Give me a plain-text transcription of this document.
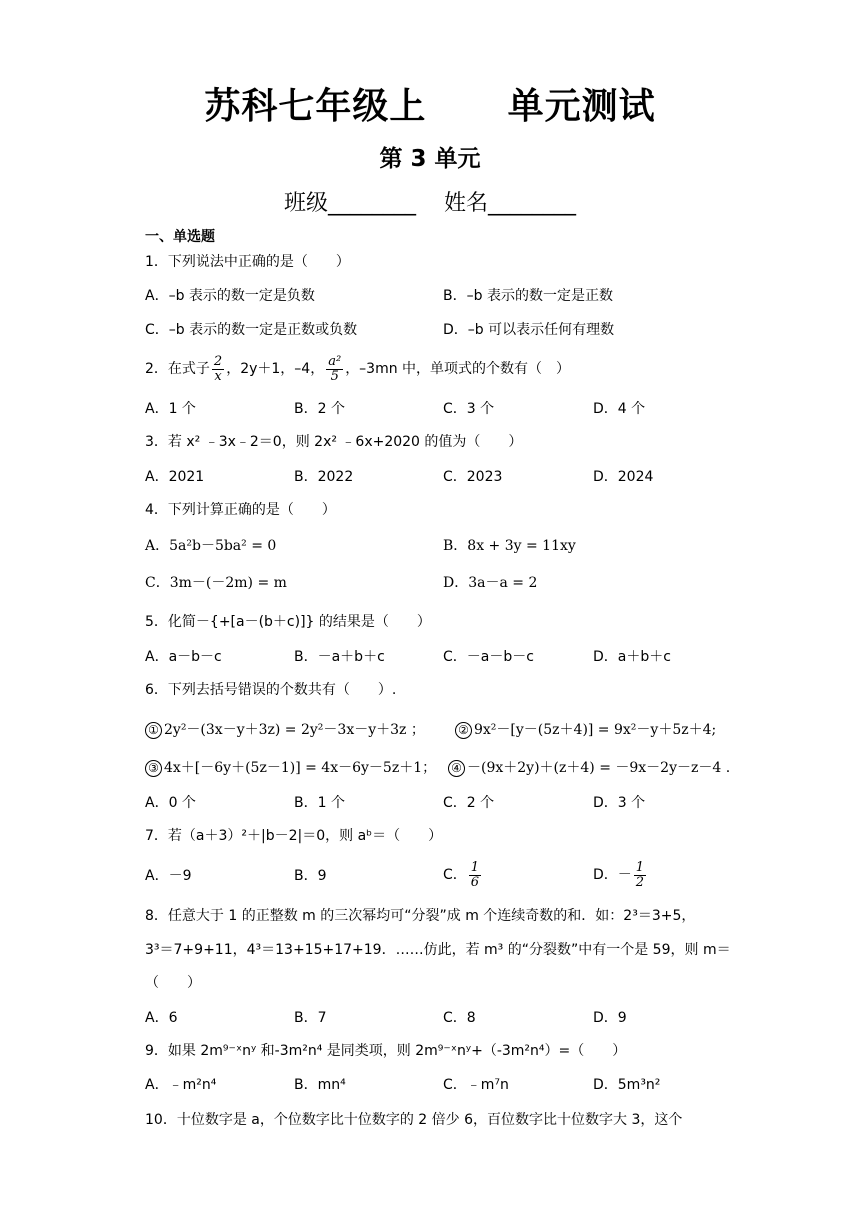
苏科七年级上      单元测试
第 3 单元
班级________    姓名________
一、单选题
1．下列说法中正确的是（　　）
A．–b 表示的数一定是负数	B．–b 表示的数一定是正数
C．–b 表示的数一定是正数或负数	D．–b 可以表示任何有理数
2．在式子 $\frac{2}{x}$ ，2y＋1，–4， $\frac{\text{a²}}{5}$ ，–3mn 中，单项式的个数有（　）
A．1 个	B．2 个	C．3 个	D．4 个
3．若 x² ﹣3x﹣2＝0，则 2x² ﹣6x+2020 的值为（　　）
A．2021	B．2022	C．2023	D．2024
4．下列计算正确的是（　　）
A．5a²b－5ba² = 0	B．8x + 3y = 11xy
C．3m－(－2m) = m	D．3a－a = 2
5．化简－{+[a－(b＋c)]} 的结果是（　　）
A．a－b－c	B．－a＋b＋c	C．－a－b－c	D．a＋b＋c
6．下列去括号错误的个数共有（　　）.
① 2y²－(3x－y＋3z) = 2y²－3x－y＋3z ；	② 9x²－[y－(5z＋4)] = 9x²－y＋5z＋4;
③ 4x＋[－6y＋(5z－1)] = 4x－6y－5z＋1； ④ －(9x＋2y)＋(z＋4) = －9x－2y－z－4 .
A．0 个	B．1 个	C．2 个	D．3 个
7．若（a＋3）²＋|b－2|＝0，则 aᵇ＝（　　）
A．－9	B．9	C． $\frac{1}{6}$	D．－ $\frac{1}{2}$
8．任意大于 1 的正整数 m 的三次幂均可“分裂”成 m 个连续奇数的和．如：2³＝3+5，
3³＝7+9+11，4³＝13+15+17+19．……仿此，若 m³ 的“分裂数”中有一个是 59，则 m＝
（　　）
A．6	B．7	C．8	D．9
9．如果 2m⁹⁻ˣnʸ 和-3m²n⁴ 是同类项，则 2m⁹⁻ˣnʸ+（-3m²n⁴）=（　　）
A．﹣m²n⁴	B．mn⁴	C．﹣m⁷n	D．5m³n²
10．十位数字是 a，个位数字比十位数字的 2 倍少 6，百位数字比十位数字大 3，这个
